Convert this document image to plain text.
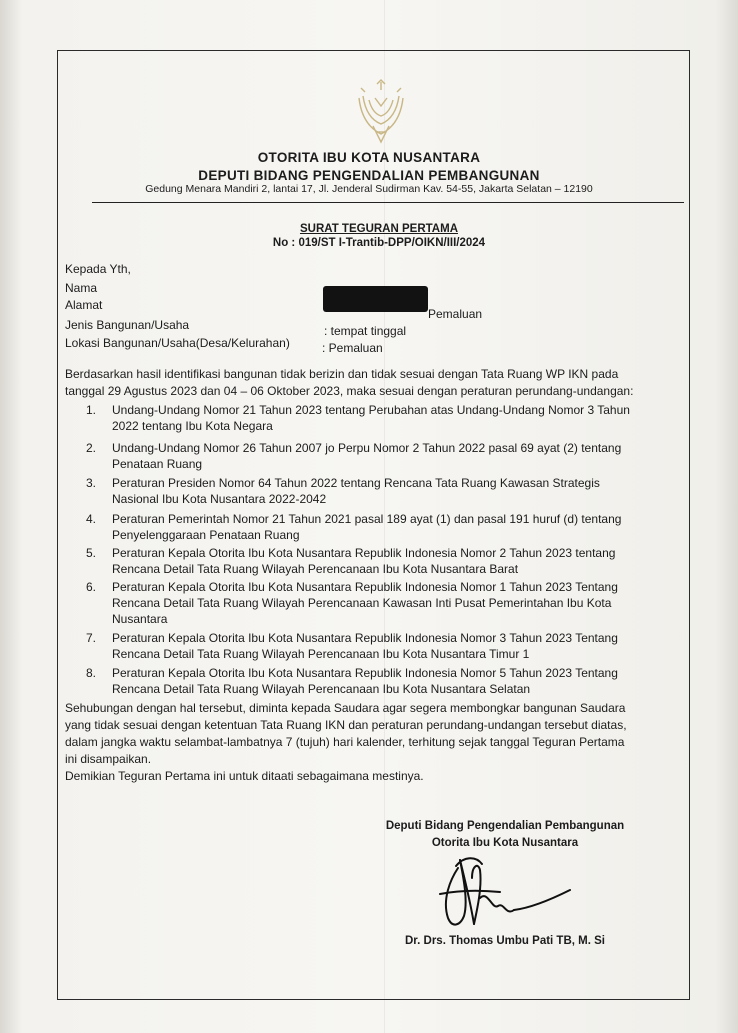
OTORITA IBU KOTA NUSANTARA
DEPUTI BIDANG PENGENDALIAN PEMBANGUNAN
Gedung Menara Mandiri 2, lantai 17, Jl. Jenderal Sudirman Kav. 54-55, Jakarta Selatan – 12190
SURAT TEGURAN PERTAMA
No : 019/ST I-Trantib-DPP/OIKN/III/2024
Kepada Yth,
Nama
Alamat
Pemaluan
Jenis Bangunan/Usaha	: tempat tinggal
Lokasi Bangunan/Usaha(Desa/Kelurahan)	: Pemaluan
Berdasarkan hasil identifikasi bangunan tidak berizin dan tidak sesuai dengan Tata Ruang WP IKN pada
tanggal 29 Agustus 2023 dan 04 – 06 Oktober 2023, maka sesuai dengan peraturan perundang-undangan:
1. Undang-Undang Nomor 21 Tahun 2023 tentang Perubahan atas Undang-Undang Nomor 3 Tahun
2022 tentang Ibu Kota Negara
2. Undang-Undang Nomor 26 Tahun 2007 jo Perpu Nomor 2 Tahun 2022 pasal 69 ayat (2) tentang
Penataan Ruang
3. Peraturan Presiden Nomor 64 Tahun 2022 tentang Rencana Tata Ruang Kawasan Strategis
Nasional Ibu Kota Nusantara 2022-2042
4. Peraturan Pemerintah Nomor 21 Tahun 2021 pasal 189 ayat (1) dan pasal 191 huruf (d) tentang
Penyelenggaraan Penataan Ruang
5. Peraturan Kepala Otorita Ibu Kota Nusantara Republik Indonesia Nomor 2 Tahun 2023 tentang
Rencana Detail Tata Ruang Wilayah Perencanaan Ibu Kota Nusantara Barat
6. Peraturan Kepala Otorita Ibu Kota Nusantara Republik Indonesia Nomor 1 Tahun 2023 Tentang
Rencana Detail Tata Ruang Wilayah Perencanaan Kawasan Inti Pusat Pemerintahan Ibu Kota
Nusantara
7. Peraturan Kepala Otorita Ibu Kota Nusantara Republik Indonesia Nomor 3 Tahun 2023 Tentang
Rencana Detail Tata Ruang Wilayah Perencanaan Ibu Kota Nusantara Timur 1
8. Peraturan Kepala Otorita Ibu Kota Nusantara Republik Indonesia Nomor 5 Tahun 2023 Tentang
Rencana Detail Tata Ruang Wilayah Perencanaan Ibu Kota Nusantara Selatan
Sehubungan dengan hal tersebut, diminta kepada Saudara agar segera membongkar bangunan Saudara
yang tidak sesuai dengan ketentuan Tata Ruang IKN dan peraturan perundang-undangan tersebut diatas,
dalam jangka waktu selambat-lambatnya 7 (tujuh) hari kalender, terhitung sejak tanggal Teguran Pertama
ini disampaikan.
Demikian Teguran Pertama ini untuk ditaati sebagaimana mestinya.
Deputi Bidang Pengendalian Pembangunan
Otorita Ibu Kota Nusantara
Dr. Drs. Thomas Umbu Pati TB, M. Si
